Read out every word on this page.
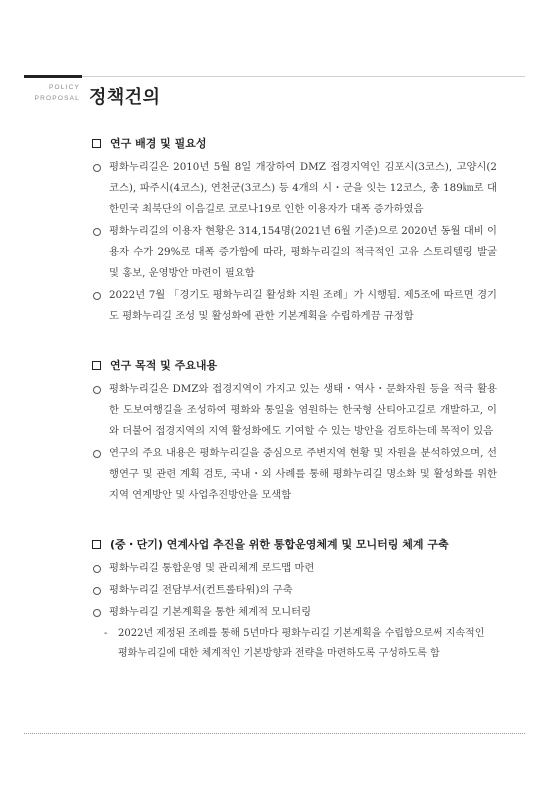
POLICY
PROPOSAL 정책건의
연구 배경 및 필요성
평화누리길은 2010년 5월 8일 개장하여 DMZ 접경지역인 김포시(3코스), 고양시(2코스), 파주시(4코스), 연천군(3코스) 등 4개의 시・군을 잇는 12코스, 총 189㎞로 대한민국 최북단의 이음길로 코로나19로 인한 이용자가 대폭 증가하였음
평화누리길의 이용자 현황은 314,154명(2021년 6월 기준)으로 2020년 동월 대비 이용자 수가 29%로 대폭 증가함에 따라, 평화누리길의 적극적인 고유 스토리텔링 발굴 및 홍보, 운영방안 마련이 필요함
2022년 7월 「경기도 평화누리길 활성화 지원 조례」가 시행됨. 제5조에 따르면 경기도 평화누리길 조성 및 활성화에 관한 기본계획을 수립하게끔 규정함
연구 목적 및 주요내용
평화누리길은 DMZ와 접경지역이 가지고 있는 생태・역사・문화자원 등을 적극 활용한 도보여행길을 조성하여 평화와 통일을 염원하는 한국형 산티아고길로 개발하고, 이와 더불어 접경지역의 지역 활성화에도 기여할 수 있는 방안을 검토하는데 목적이 있음
연구의 주요 내용은 평화누리길을 중심으로 주변지역 현황 및 자원을 분석하였으며, 선행연구 및 관련 계획 검토, 국내・외 사례를 통해 평화누리길 명소화 및 활성화를 위한 지역 연계방안 및 사업추진방안을 모색함
(중・단기) 연계사업 추진을 위한 통합운영체계 및 모니터링 체계 구축
평화누리길 통합운영 및 관리체계 로드맵 마련
평화누리길 전담부서(컨트롤타워)의 구축
평화누리길 기본계획을 통한 체계적 모니터링
-	2022년 제정된 조례를 통해 5년마다 평화누리길 기본계획을 수립함으로써 지속적인 평화누리길에 대한 체계적인 기본방향과 전략을 마련하도록 구성하도록 함
